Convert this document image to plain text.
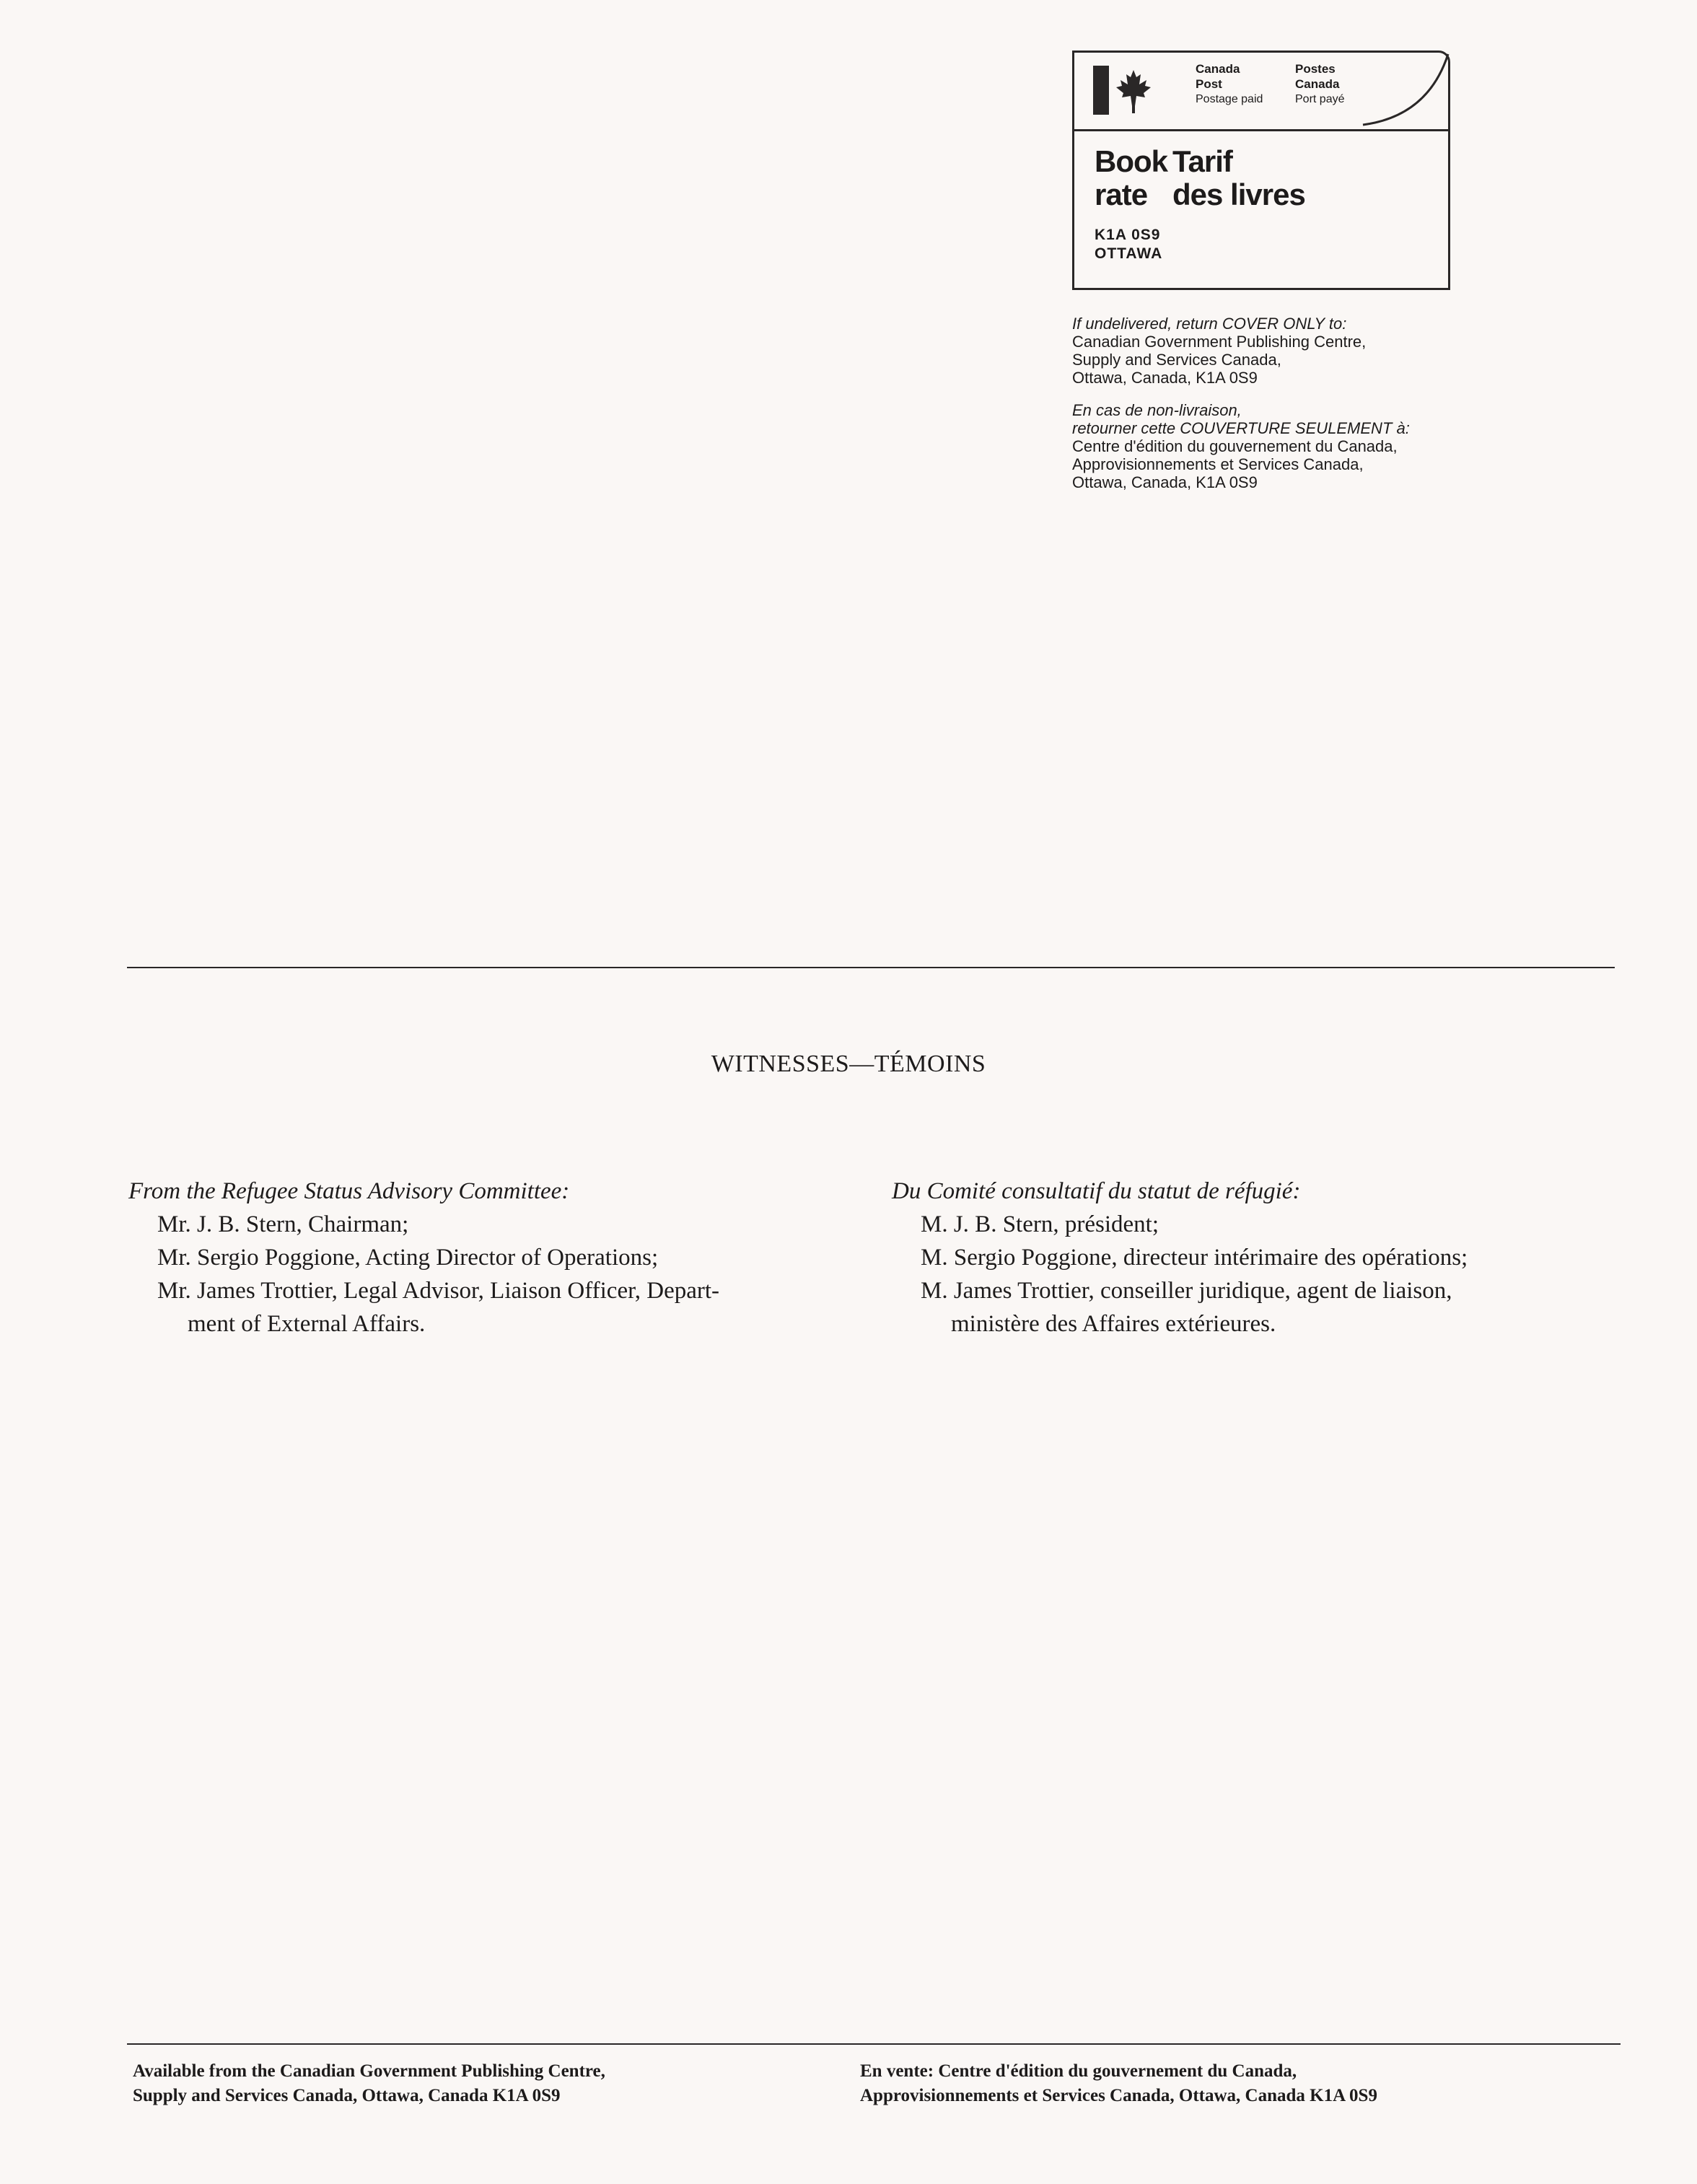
Canada
Post
Postage paid
Postes
Canada
Port payé
Book
rate
Tarif
des livres
K1A 0S9
OTTAWA
If undelivered, return COVER ONLY to:
Canadian Government Publishing Centre,
Supply and Services Canada,
Ottawa, Canada, K1A 0S9
En cas de non-livraison,
retourner cette COUVERTURE SEULEMENT à:
Centre d'édition du gouvernement du Canada,
Approvisionnements et Services Canada,
Ottawa, Canada, K1A 0S9
WITNESSES—TÉMOINS
From the Refugee Status Advisory Committee:
Mr. J. B. Stern, Chairman;
Mr. Sergio Poggione, Acting Director of Operations;
Mr. James Trottier, Legal Advisor, Liaison Officer, Depart-
ment of External Affairs.
Du Comité consultatif du statut de réfugié:
M. J. B. Stern, président;
M. Sergio Poggione, directeur intérimaire des opérations;
M. James Trottier, conseiller juridique, agent de liaison,
ministère des Affaires extérieures.
Available from the Canadian Government Publishing Centre,
Supply and Services Canada, Ottawa, Canada K1A 0S9
En vente: Centre d'édition du gouvernement du Canada,
Approvisionnements et Services Canada, Ottawa, Canada K1A 0S9
